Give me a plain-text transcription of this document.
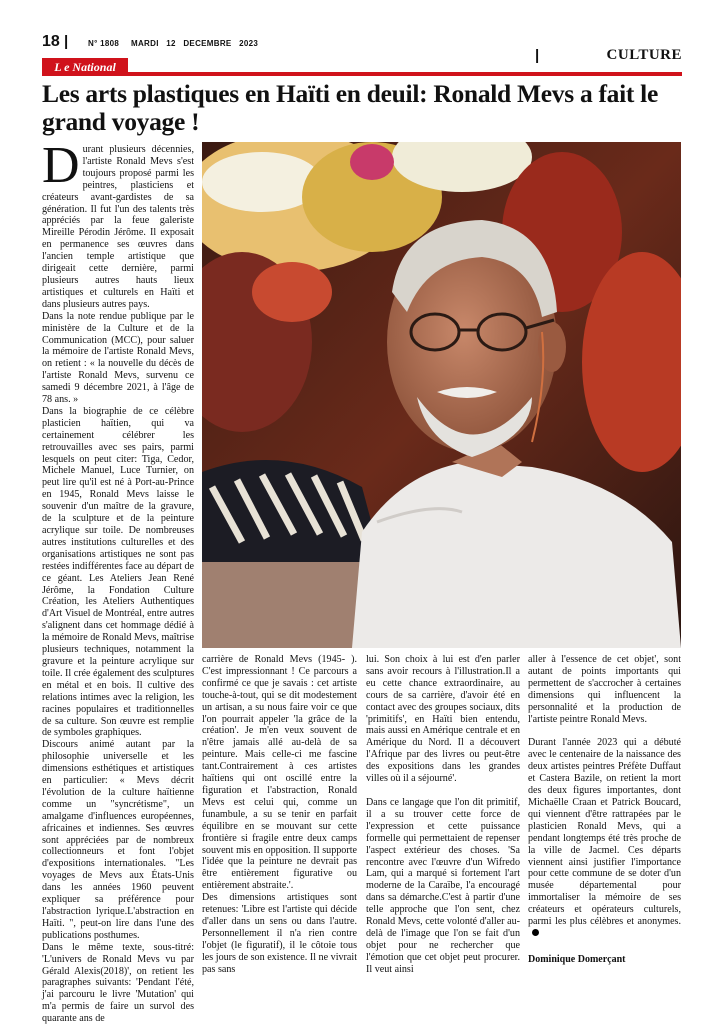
18 | N° 1808 MARDI   12   DECEMBRE   2023
|	CULTURE
L e National
Les arts plastiques en Haïti en deuil: Ronald Mevs a fait le grand voyage !
D urant plusieurs décennies, l'artiste Ronald Mevs s'est toujours proposé parmi les peintres, plasticiens et créateurs avant-gardistes de sa génération. Il fut l'un des talents très appréciés par la feue galeriste Mireille Pérodin Jérôme. Il exposait en permanence ses œuvres dans l'ancien temple artistique que dirigeait cette dernière, parmi plusieurs autres hauts lieux artistiques et culturels en Haïti et dans plusieurs autres pays.

Dans la note rendue publique par le ministère de la Culture et de la Communication (MCC), pour saluer la mémoire de l'artiste Ronald Mevs, on retient : « la nouvelle du décès de l'artiste Ronald Mevs, survenu ce samedi 9 décembre 2021, à l'âge de 78 ans. »

Dans la biographie de ce célèbre plasticien haïtien, qui va certainement célébrer les retrouvailles avec ses pairs, parmi lesquels on peut citer: Tiga, Cedor, Michele Manuel, Luce Turnier, on peut lire qu'il est né à Port-au-Prince en 1945, Ronald Mevs laisse le souvenir d'un maître de la gravure, de la sculpture et de la peinture acrylique sur toile. De nombreuses autres institutions culturelles et des organisations artistiques ne sont pas restées indifférentes face au départ de ce géant. Les Ateliers Jean René Jérôme, la Fondation Culture Création, les Ateliers Authentiques d'Art Visuel de Montréal, entre autres s'alignent dans cet hommage dédié à la mémoire de Ronald Mevs, maîtrise plusieurs techniques, notamment la gravure et la peinture acrylique sur toile. Il crée également des sculptures en métal et en bois. Il cultive des relations intimes avec la religion, les racines populaires et traditionnelles de sa culture. Son œuvre est remplie de symboles graphiques.

Discours animé autant par la philosophie universelle et les dimensions esthétiques et artistiques en particulier: « Mevs décrit l'évolution de la culture haïtienne comme un "syncrétisme", un amalgame d'influences européennes, africaines et indiennes. Ses œuvres sont appréciées par de nombreux collectionneurs et font l'objet d'expositions internationales. "Les voyages de Mevs aux États-Unis dans les années 1960 peuvent expliquer sa préférence pour l'abstraction lyrique.L'abstraction en Haïti. ", peut-on lire dans l'une des publications posthumes.

Dans le même texte, sous-titré: 'L'univers de Ronald Mevs vu par Gérald Alexis(2018)', on retient les paragraphes suivants: 'Pendant l'été, j'ai parcouru le livre 'Mutation' qui m'a permis de faire un survol des quarante ans de

carrière de Ronald Mevs (1945- ). C'est impressionnant ! Ce parcours a confirmé ce que je savais : cet artiste touche-à-tout, qui se dit modestement un artisan, a su nous faire voir ce que l'on pourrait appeler 'la grâce de la création'. Je m'en veux souvent de n'être jamais allé au-delà de sa peinture. Mais celle-ci me fascine tant.Contrairement à ces artistes haïtiens qui ont oscillé entre la figuration et l'abstraction, Ronald Mevs est celui qui, comme un funambule, a su se tenir en parfait équilibre en se mouvant sur cette frontière si fragile entre deux camps souvent mis en opposition. Il supporte l'idée que la peinture ne devrait pas être entièrement figurative ou entièrement abstraite.'.

Des dimensions artistiques sont retenues: 'Libre est l'artiste qui décide d'aller dans un sens ou dans l'autre. Personnellement il n'a rien contre l'objet (le figuratif), il le côtoie tous les jours de son existence. Il ne vivrait pas sans

lui. Son choix à lui est d'en parler sans avoir recours à l'illustration.Il a eu cette chance extraordinaire, au cours de sa carrière, d'avoir été en contact avec des groupes sociaux, dits 'primitifs', en Haïti bien entendu, mais aussi en Amérique centrale et en Amérique du Nord. Il a découvert l'Afrique par des livres ou peut-être des expositions dans les grandes villes où il a séjourné'.

Dans ce langage que l'on dit primitif, il a su trouver cette force de l'expression et cette puissance formelle qui permettaient de repenser l'aspect extérieur des choses. 'Sa rencontre avec l'œuvre d'un Wifredo Lam, qui a marqué si fortement l'art moderne de la Caraïbe, l'a encouragé dans sa démarche.C'est à partir d'une telle approche que l'on sent, chez Ronald Mevs, cette volonté d'aller au-delà de l'image que l'on se fait d'un objet pour ne rechercher que l'émotion que cet objet peut procurer. Il veut ainsi

aller à l'essence de cet objet', sont autant de points importants qui permettent de s'accrocher à certaines dimensions qui influencent la personnalité et la production de l'artiste peintre Ronald Mevs.

Durant l'année 2023 qui a débuté avec le centenaire de la naissance des deux artistes peintres Préfète Duffaut et Castera Bazile, on retient la mort des deux figures importantes, dont Michaëlle Craan et Patrick Boucard, qui viennent d'être rattrapées par le plasticien Ronald Mevs, qui a pendant longtemps été très proche de la ville de Jacmel. Ces départs viennent ainsi justifier l'importance pour cette commune de se doter d'un musée départemental pour immortaliser la mémoire de ses créateurs et opérateurs culturels, parmi les plus célèbres et anonymes.

Dominique Domerçant
